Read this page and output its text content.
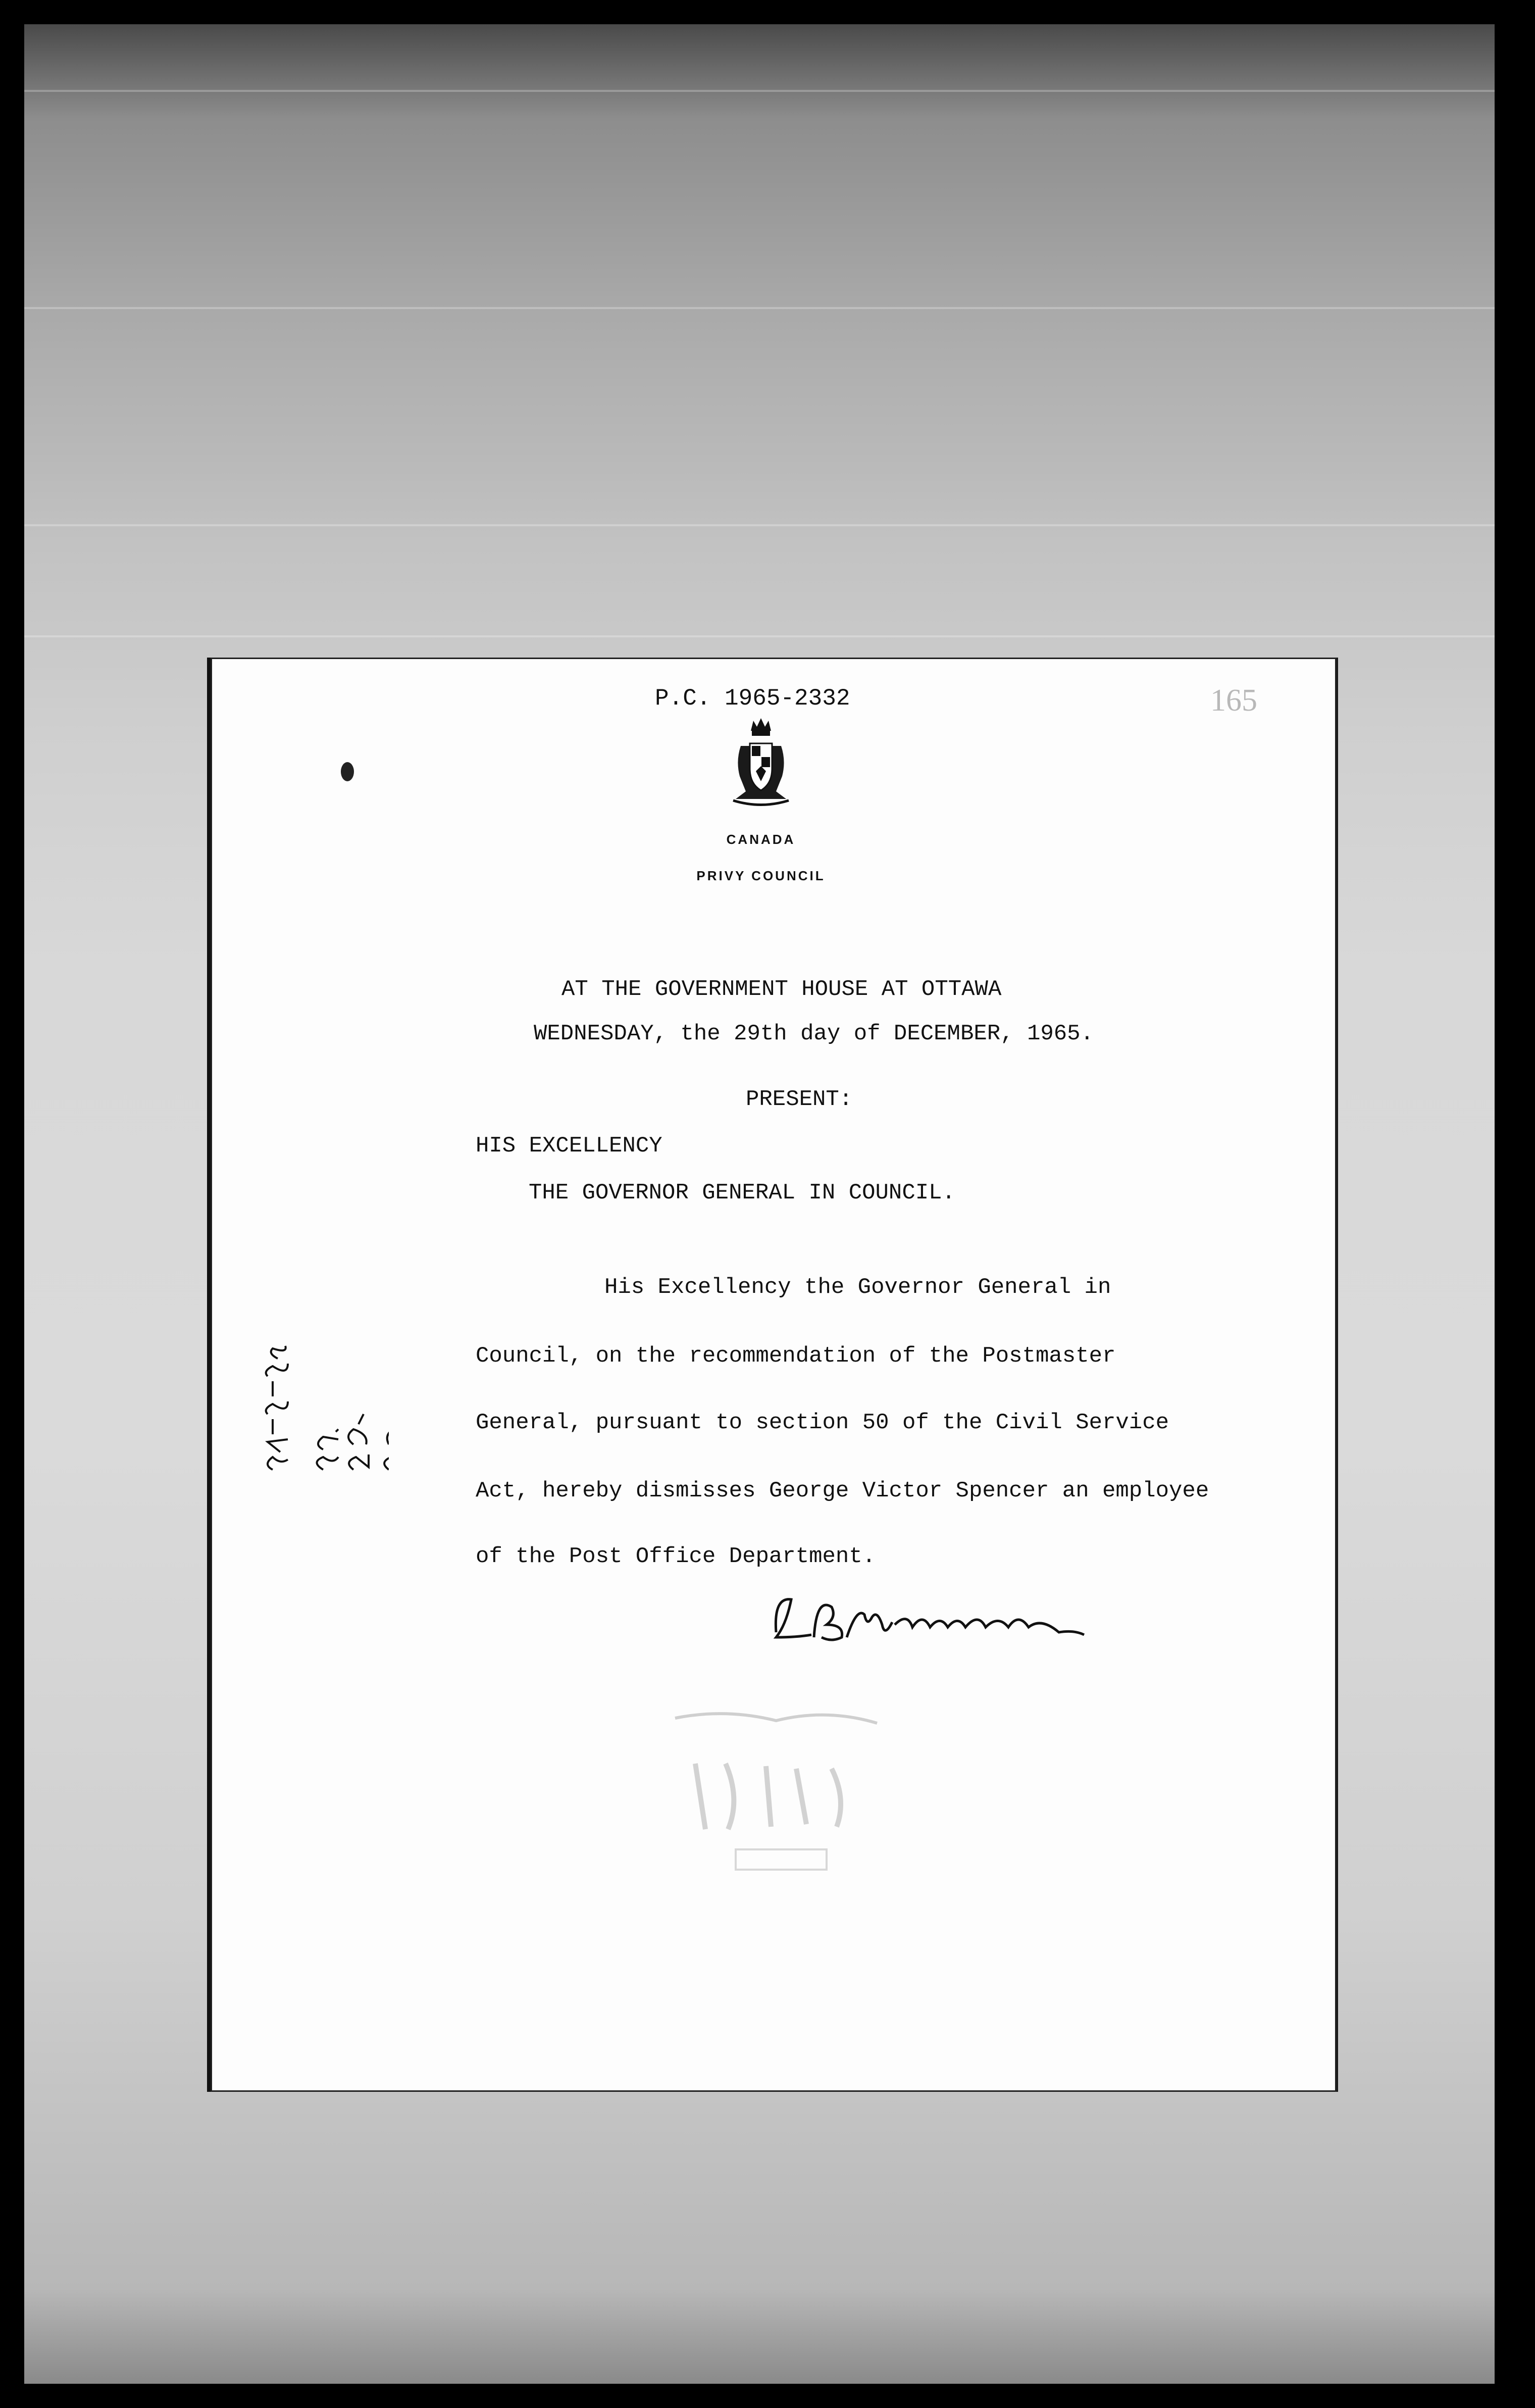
P.C. 1965-2332	165
CANADA
PRIVY COUNCIL
AT THE GOVERNMENT HOUSE AT OTTAWA
WEDNESDAY, the 29th day of DECEMBER, 1965.
PRESENT:
HIS EXCELLENCY
THE GOVERNOR GENERAL IN COUNCIL.
His Excellency the Governor General in
Council, on the recommendation of the Postmaster
General, pursuant to section 50 of the Civil Service
Act, hereby dismisses George Victor Spencer an employee
of the Post Office Department.
